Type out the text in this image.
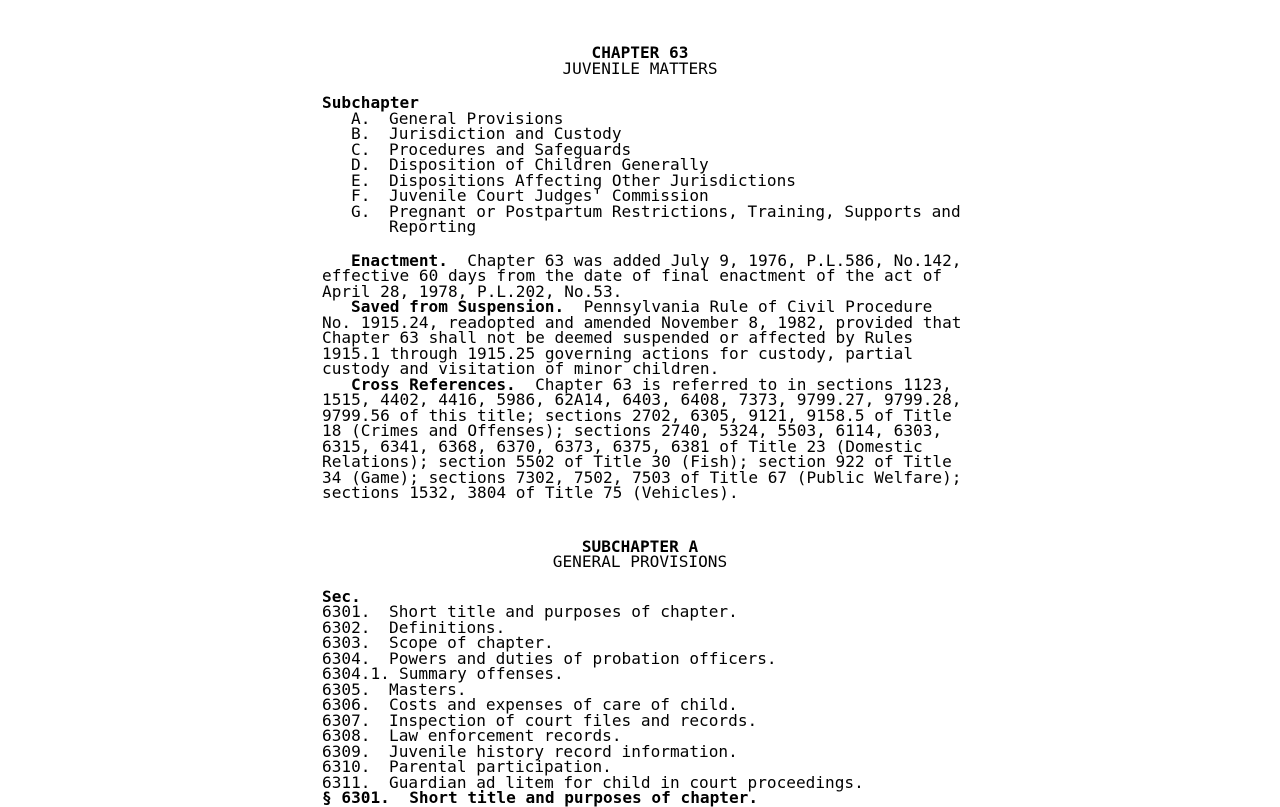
CHAPTER 63
JUVENILE MATTERS
Subchapter
A. General Provisions
B. Jurisdiction and Custody
C. Procedures and Safeguards
D. Disposition of Children Generally
E. Dispositions Affecting Other Jurisdictions
F. Juvenile Court Judges' Commission
G. Pregnant or Postpartum Restrictions, Training, Supports and
Reporting
Enactment. Chapter 63 was added July 9, 1976, P.L.586, No.142,
effective 60 days from the date of final enactment of the act of
April 28, 1978, P.L.202, No.53.
Saved from Suspension. Pennsylvania Rule of Civil Procedure
No. 1915.24, readopted and amended November 8, 1982, provided that
Chapter 63 shall not be deemed suspended or affected by Rules
1915.1 through 1915.25 governing actions for custody, partial
custody and visitation of minor children.
Cross References. Chapter 63 is referred to in sections 1123,
1515, 4402, 4416, 5986, 62A14, 6403, 6408, 7373, 9799.27, 9799.28,
9799.56 of this title; sections 2702, 6305, 9121, 9158.5 of Title
18 (Crimes and Offenses); sections 2740, 5324, 5503, 6114, 6303,
6315, 6341, 6368, 6370, 6373, 6375, 6381 of Title 23 (Domestic
Relations); section 5502 of Title 30 (Fish); section 922 of Title
34 (Game); sections 7302, 7502, 7503 of Title 67 (Public Welfare);
sections 1532, 3804 of Title 75 (Vehicles).
SUBCHAPTER A
GENERAL PROVISIONS
Sec.
6301. Short title and purposes of chapter.
6302. Definitions.
6303. Scope of chapter.
6304. Powers and duties of probation officers.
6304.1. Summary offenses.
6305. Masters.
6306. Costs and expenses of care of child.
6307. Inspection of court files and records.
6308. Law enforcement records.
6309. Juvenile history record information.
6310. Parental participation.
6311. Guardian ad litem for child in court proceedings.
§ 6301.  Short title and purposes of chapter.
